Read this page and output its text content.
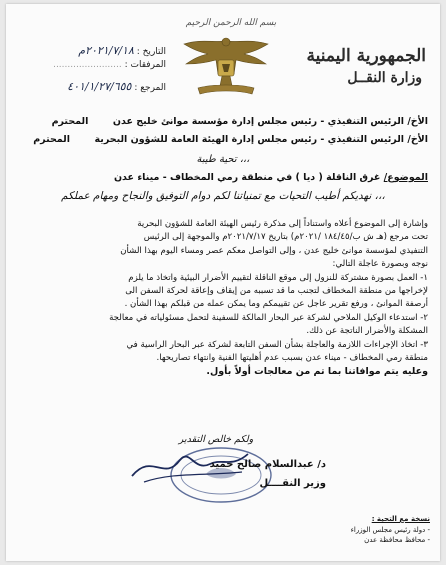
الجمهورية اليمنية
وزارة النقــل
بسم الله الرحمن الرحيم
التاريخ : ٢٠٢١/٧/١٨م
المرفقات : ........................
المرجع : ٤٠١/١/٢٧/٦٥٥
الأخ/ الرئيس التنفيذي - رئيس مجلس إدارة مؤسسة موانئ خليج عدن المحترم
الأخ/ الرئيس التنفيذي - رئيس مجلس إدارة الهيئة العامة للشؤون البحرية المحترم
تحية طيبة ،،،
الموضوع/ غرق الناقلة ( ديا ) في منطقة رمي المخطاف - ميناء عدن
نهديكم أطيب التحيات مع تمنياتنا لكم دوام التوفيق والنجاح ومهام عملكم ،،،
وإشارة إلى الموضوع أعلاه واستناداً إلى مذكرة رئيس الهيئة العامة للشؤون البحرية
تحت مرجع (هـ ش ب/١٨٤/٤٥ /٢٠٢١م) بتاريخ ٢٠٢١/٧/١٧م والموجهة إلى الرئيس
التنفيذي لمؤسسة موانئ خليج عدن ، وإلى التواصل معكم عصر ومساء اليوم بهذا الشأن
نوجه وبصورة عاجلة التالي:
١- العمل بصورة مشتركة للنزول إلى موقع الناقلة لتقييم الأضرار البيئية واتخاذ ما يلزم
لإخراجها من منطقة المخطاف لتجنب ما قد تسببه من إيقاف وإعاقة لحركة السفن الى
أرصفة الموانئ ، ورفع تقرير عاجل عن تقييمكم وما يمكن عمله من قبلكم بهذا الشأن .
٢- استدعاء الوكيل الملاحي لشركة عبر البحار المالكة للسفينة لتحمل مسئولياته في معالجة
المشكلة والأضرار الناتجة عن ذلك.
٣- اتخاذ الإجراءات اللازمة والعاجلة بشأن السفن التابعة لشركة عبر البحار الراسية في
منطقة رمي المخطاف - ميناء عدن بسبب عدم أهليتها الفنية وانتهاء تصاريحها.
وعليه يتم موافاتنا بما تم من معالجات أولاً بأول.
ولكم خالص التقدير
د/ عبدالسلام صالح حميد
وزير النقــــل
نسخة مع التحية :
- دولة رئيس مجلس الوزراء
- محافظ محافظة عدن
